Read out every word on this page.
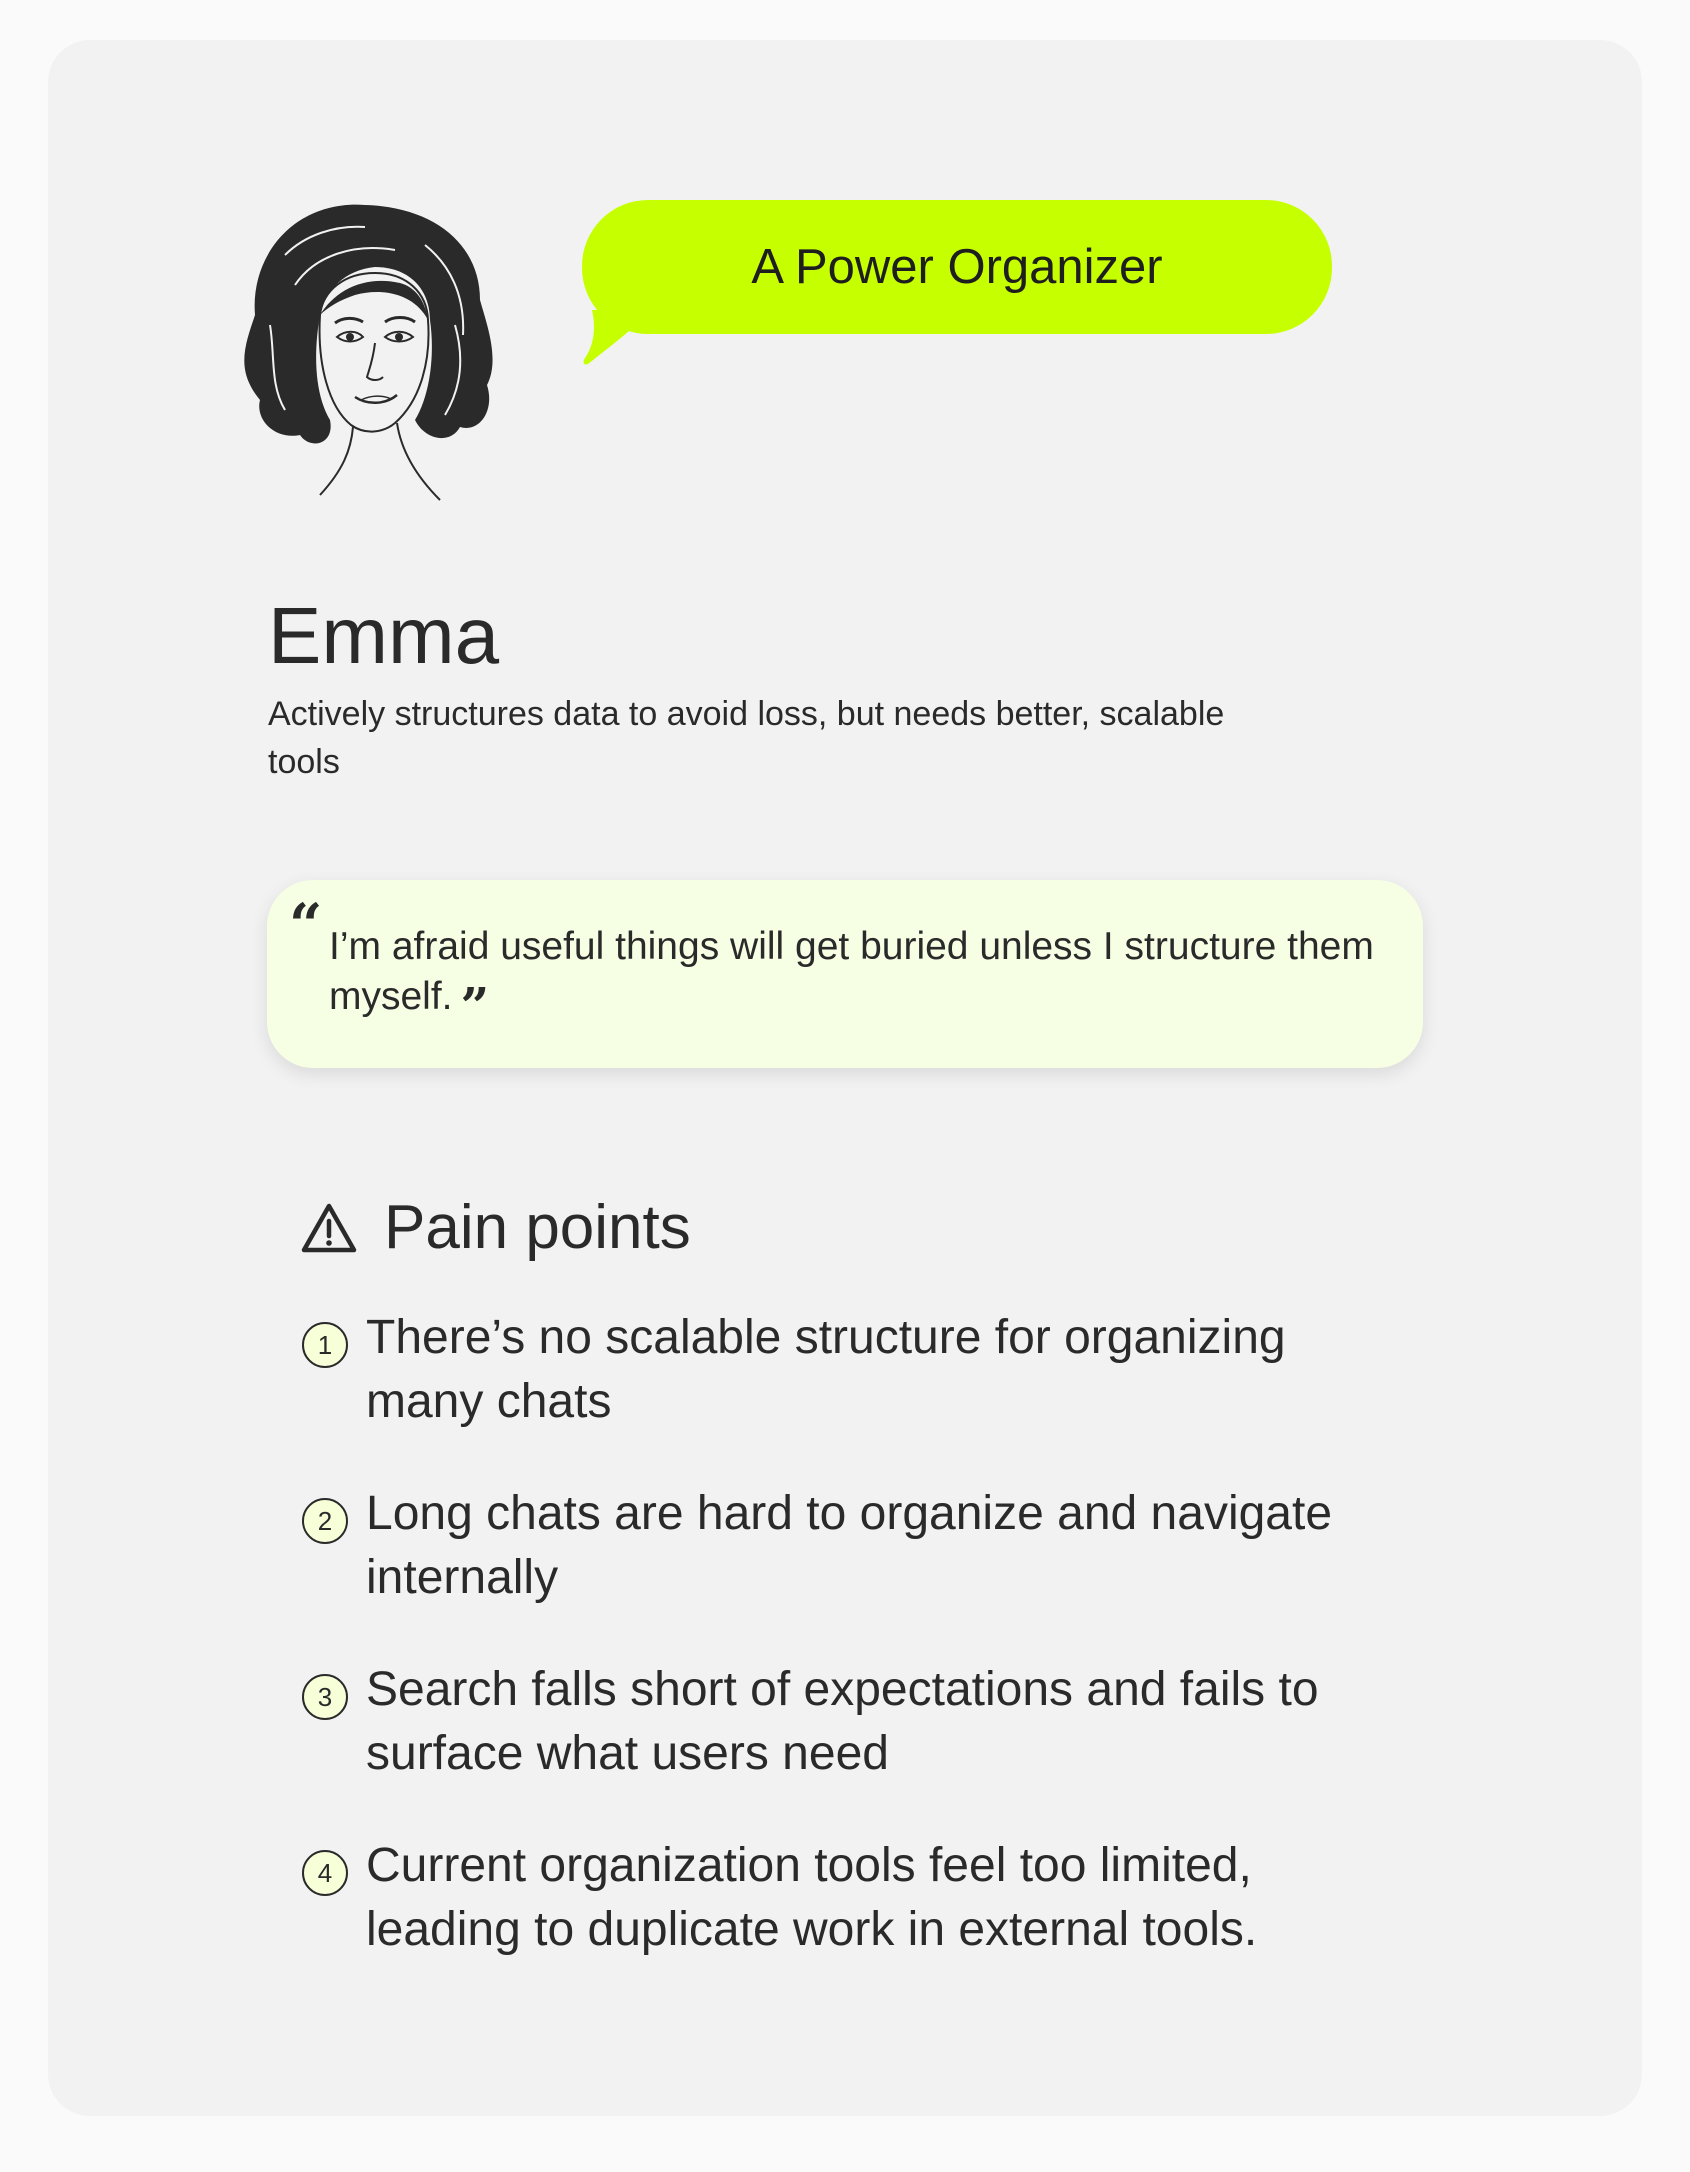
A Power Organizer
Emma

Actively structures data to avoid loss, but needs better, scalable tools

“ I’m afraid useful things will get buried unless I structure them myself. ”
Pain points
1 There’s no scalable structure for organizing many chats
2 Long chats are hard to organize and navigate internally
3 Search falls short of expectations and fails to surface what users need
4 Current organization tools feel too limited, leading to duplicate work in external tools.
